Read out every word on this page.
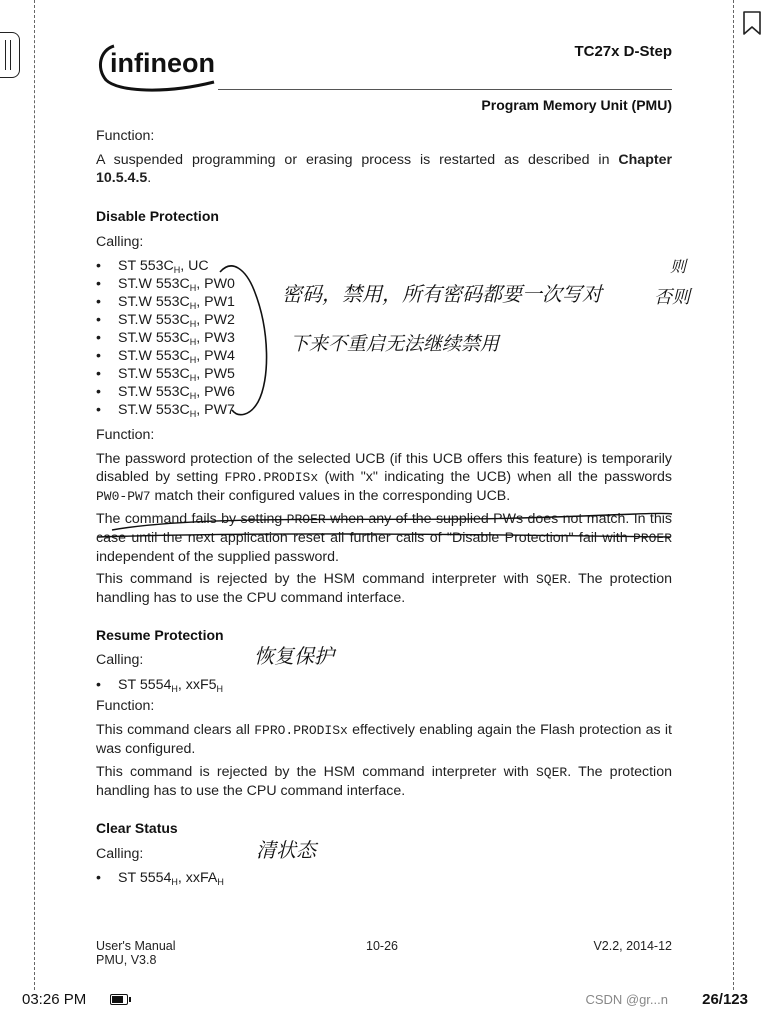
infineon	TC27x D-Step
Program Memory Unit (PMU)
Function:
A suspended programming or erasing process is restarted as described in Chapter 10.5.4.5.
Disable Protection
Calling:
• ST $553C_H$, UC
• ST.W $553C_H$, PW0
• ST.W $553C_H$, PW1
• ST.W $553C_H$, PW2
• ST.W $553C_H$, PW3
• ST.W $553C_H$, PW4
• ST.W $553C_H$, PW5
• ST.W $553C_H$, PW6
• ST.W $553C_H$, PW7
Function:
The password protection of the selected UCB (if this UCB offers this feature) is temporarily disabled by setting FPRO.PRODISx (with "x" indicating the UCB) when all the passwords PW0-PW7 match their configured values in the corresponding UCB.
The command fails by setting PROER when any of the supplied PWs does not match. In this case until the next application reset all further calls of "Disable Protection" fail with PROER independent of the supplied password.
This command is rejected by the HSM command interpreter with SQER. The protection handling has to use the CPU command interface.
Resume Protection
Calling:
• ST $5554_H$, $xxF5_H$
Function:
This command clears all FPRO.PRODISx effectively enabling again the Flash protection as it was configured.
This command is rejected by the HSM command interpreter with SQER. The protection handling has to use the CPU command interface.
Clear Status
Calling:
• ST $5554_H$, xxFA$_H$
User's Manual
PMU, V3.8
10-26	V2.2, 2014-12
密码，禁用，所有密码都要一次写对	否则
则
下来不重启无法继续禁用
恢复保护
清状态
03:26 PM	CSDN @gr...n 26/123
